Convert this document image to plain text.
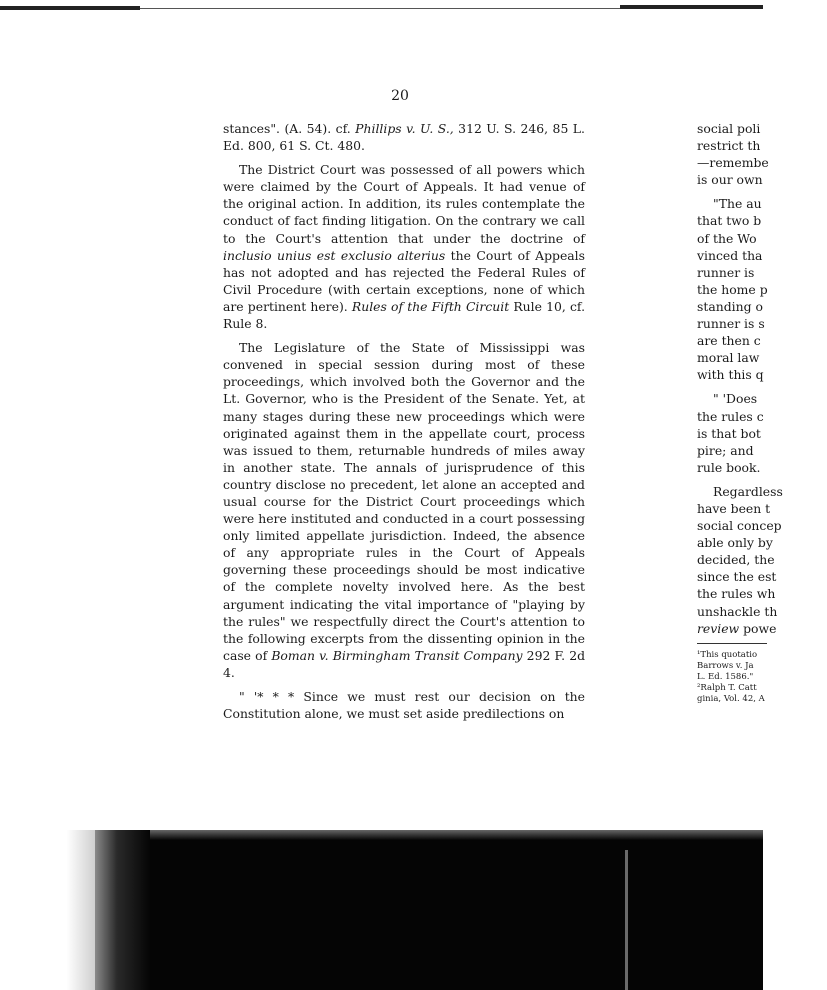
20

stances". (A. 54). cf. Phillips v. U. S., 312 U. S. 246, 85 L. Ed. 800, 61 S. Ct. 480.

The District Court was possessed of all powers which were claimed by the Court of Appeals. It had venue of the original action. In addition, its rules contemplate the conduct of fact finding litigation. On the contrary we call to the Court's attention that under the doctrine of inclusio unius est exclusio alterius the Court of Appeals has not adopted and has rejected the Federal Rules of Civil Procedure (with certain exceptions, none of which are pertinent here). Rules of the Fifth Circuit Rule 10, cf. Rule 8.

The Legislature of the State of Mississippi was convened in special session during most of these proceedings, which involved both the Governor and the Lt. Governor, who is the President of the Senate. Yet, at many stages during these new proceedings which were originated against them in the appellate court, process was issued to them, returnable hundreds of miles away in another state. The annals of jurisprudence of this country disclose no precedent, let alone an accepted and usual course for the District Court proceedings which were here instituted and conducted in a court possessing only limited appellate jurisdiction. Indeed, the absence of any appropriate rules in the Court of Appeals governing these proceedings should be most indicative of the complete novelty involved here. As the best argument indicating the vital importance of "playing by the rules" we respectfully direct the Court's attention to the following excerpts from the dissenting opinion in the case of Boman v. Birmingham Transit Company 292 F. 2d 4.

" '* * * Since we must rest our decision on the Constitution alone, we must set aside predilections on

social poli
restrict th
—remembe
is our own
"The au
that two b
of the Wo
vinced tha
runner is
the home p
standing o
runner is s
are then c
moral law
with this q
" 'Does
the rules c
is that bot
pire; and
rule book.
Regardless
have been t
social concep
able only by
decided, the
since the est
the rules wh
unshackle th
review powe
¹This quotatio
Barrows v. Ja
L. Ed. 1586."
²Ralph T. Catt
ginia, Vol. 42, A
